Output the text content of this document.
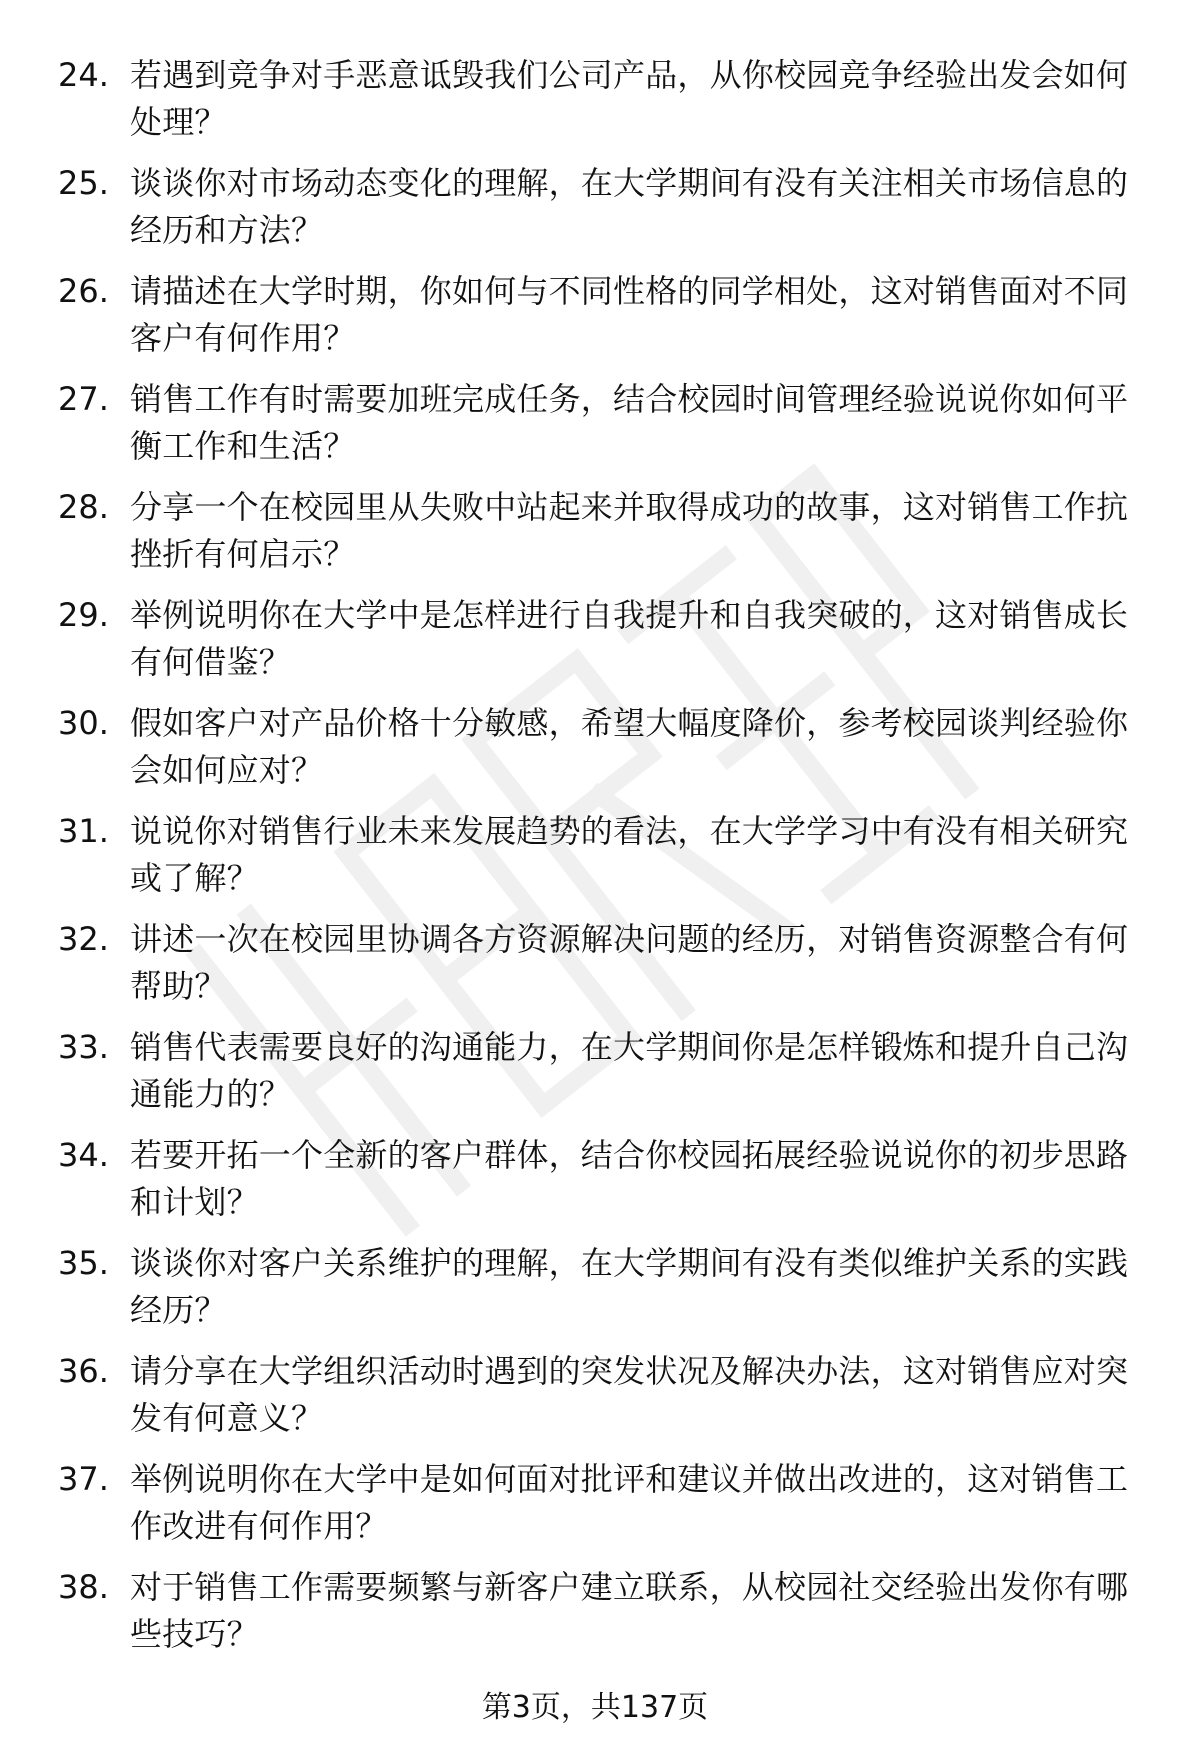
24. 若遇到竞争对手恶意诋毁我们公司产品，从你校园竞争经验出发会如何处理？
25. 谈谈你对市场动态变化的理解，在大学期间有没有关注相关市场信息的经历和方法？
26. 请描述在大学时期，你如何与不同性格的同学相处，这对销售面对不同客户有何作用？
27. 销售工作有时需要加班完成任务，结合校园时间管理经验说说你如何平衡工作和生活？
28. 分享一个在校园里从失败中站起来并取得成功的故事，这对销售工作抗挫折有何启示？
29. 举例说明你在大学中是怎样进行自我提升和自我突破的，这对销售成长有何借鉴？
30. 假如客户对产品价格十分敏感，希望大幅度降价，参考校园谈判经验你会如何应对？
31. 说说你对销售行业未来发展趋势的看法，在大学学习中有没有相关研究或了解？
32. 讲述一次在校园里协调各方资源解决问题的经历，对销售资源整合有何帮助？
33. 销售代表需要良好的沟通能力，在大学期间你是怎样锻炼和提升自己沟通能力的？
34. 若要开拓一个全新的客户群体，结合你校园拓展经验说说你的初步思路和计划？
35. 谈谈你对客户关系维护的理解，在大学期间有没有类似维护关系的实践经历？
36. 请分享在大学组织活动时遇到的突发状况及解决办法，这对销售应对突发有何意义？
37. 举例说明你在大学中是如何面对批评和建议并做出改进的，这对销售工作改进有何作用？
38. 对于销售工作需要频繁与新客户建立联系，从校园社交经验出发你有哪些技巧？
第3页，共137页
